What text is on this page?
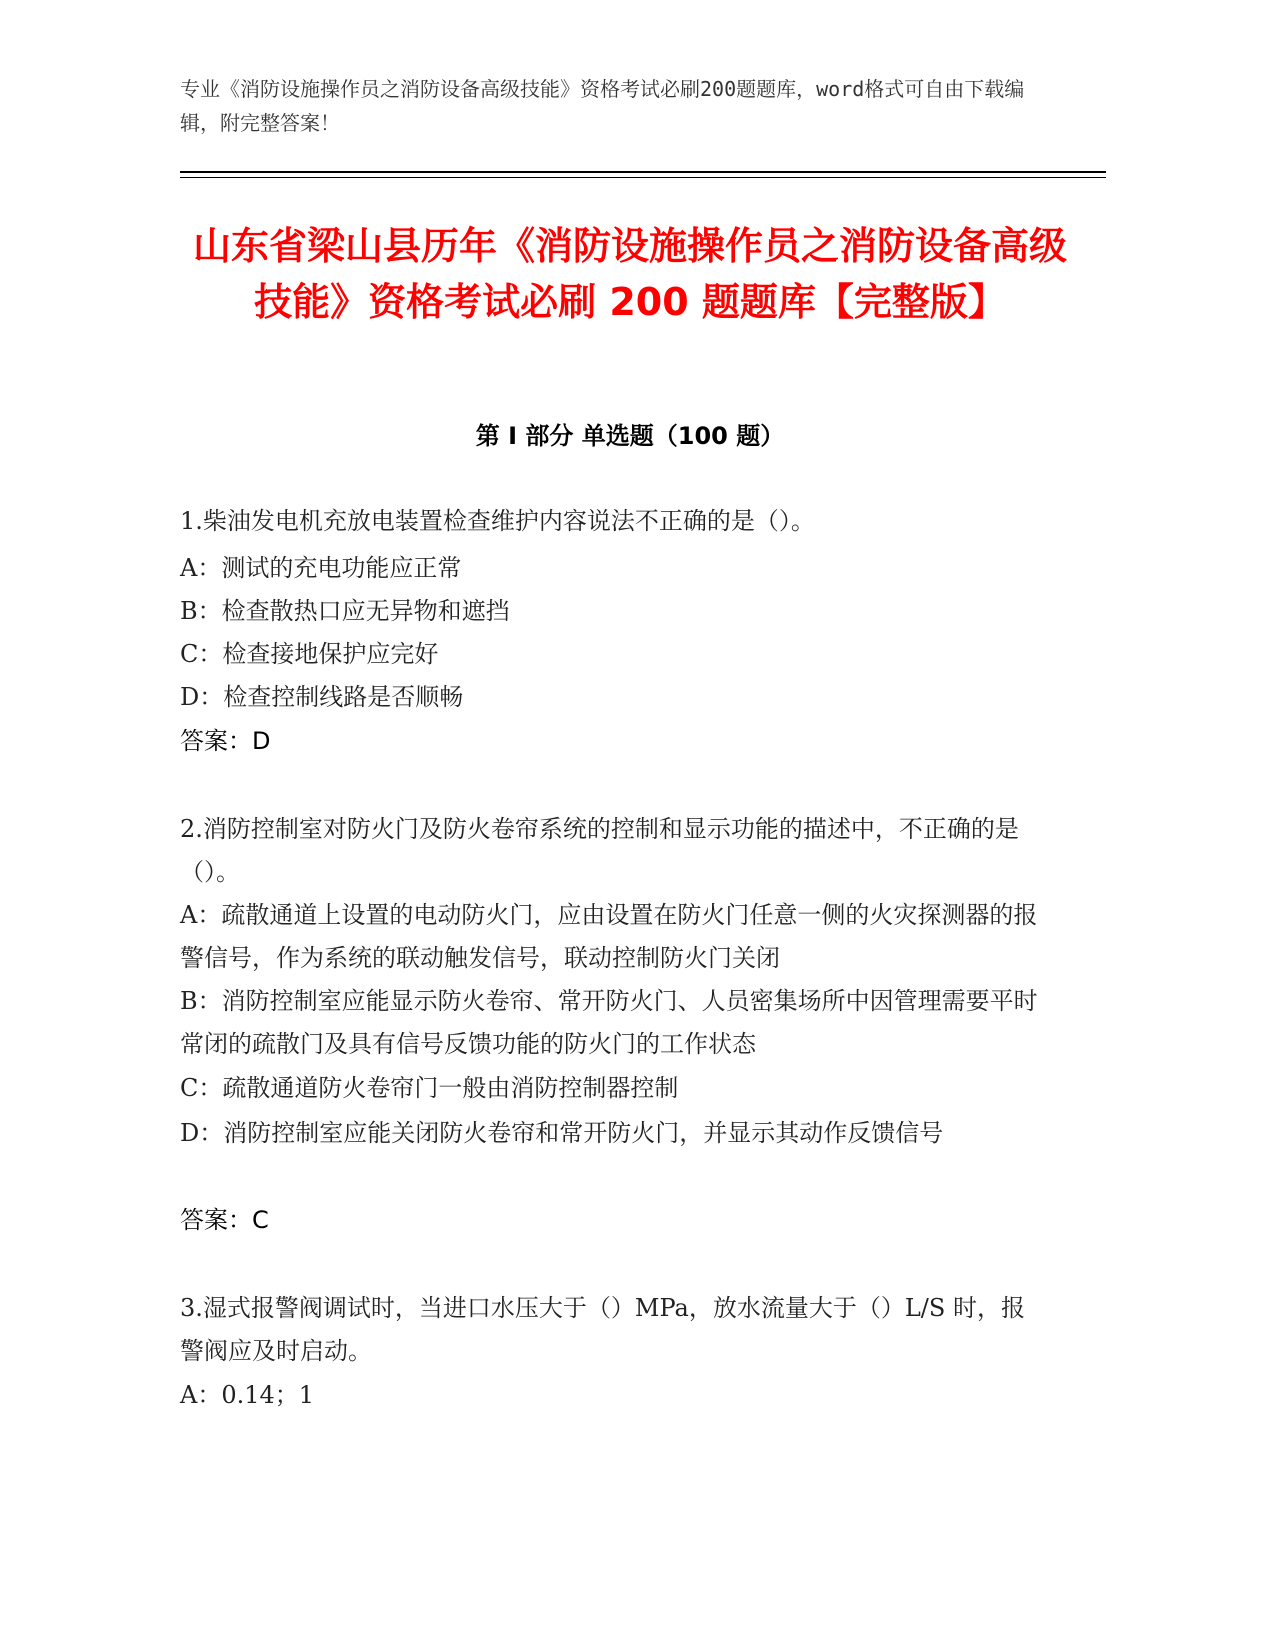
专业《消防设施操作员之消防设备高级技能》资格考试必刷200题题库，word格式可自由下载编辑，附完整答案！
山东省梁山县历年《消防设施操作员之消防设备高级技能》资格考试必刷 200 题题库【完整版】
第 I 部分 单选题（100 题）
1.柴油发电机充放电装置检查维护内容说法不正确的是（）。
A：测试的充电功能应正常
B：检查散热口应无异物和遮挡
C：检查接地保护应完好
D：检查控制线路是否顺畅
答案：D
2.消防控制室对防火门及防火卷帘系统的控制和显示功能的描述中，不正确的是（）。
A：疏散通道上设置的电动防火门，应由设置在防火门任意一侧的火灾探测器的报警信号，作为系统的联动触发信号，联动控制防火门关闭
B：消防控制室应能显示防火卷帘、常开防火门、人员密集场所中因管理需要平时常闭的疏散门及具有信号反馈功能的防火门的工作状态
C：疏散通道防火卷帘门一般由消防控制器控制
D：消防控制室应能关闭防火卷帘和常开防火门，并显示其动作反馈信号
答案：C
3.湿式报警阀调试时，当进口水压大于（）MPa，放水流量大于（）L/S 时，报警阀应及时启动。
A：0.14；1
